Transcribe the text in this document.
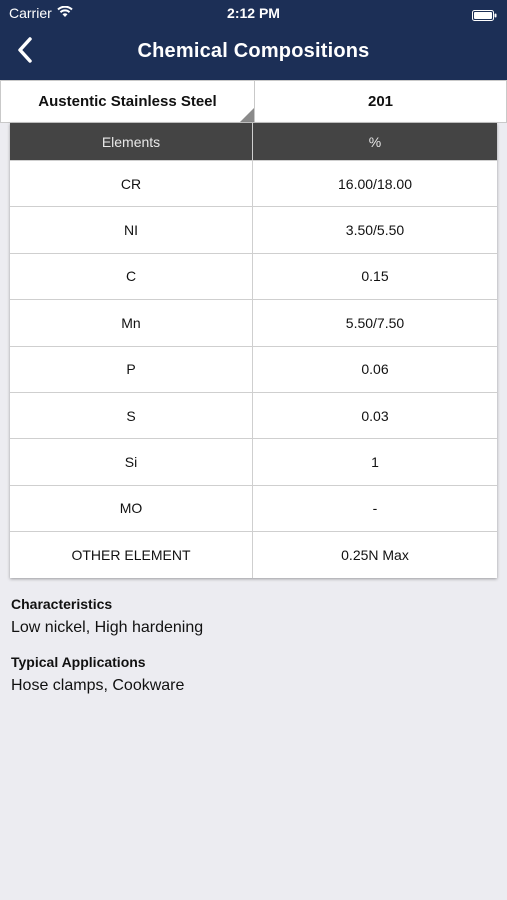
Carrier	2:12 PM
Chemical Compositions
Austentic Stainless Steel	201
Elements	%
CR	16.00/18.00
NI	3.50/5.50
C	0.15
Mn	5.50/7.50
P	0.06
S	0.03
Si	1
MO	-
OTHER ELEMENT	0.25N Max
Characteristics
Low nickel, High hardening
Typical Applications
Hose clamps, Cookware
